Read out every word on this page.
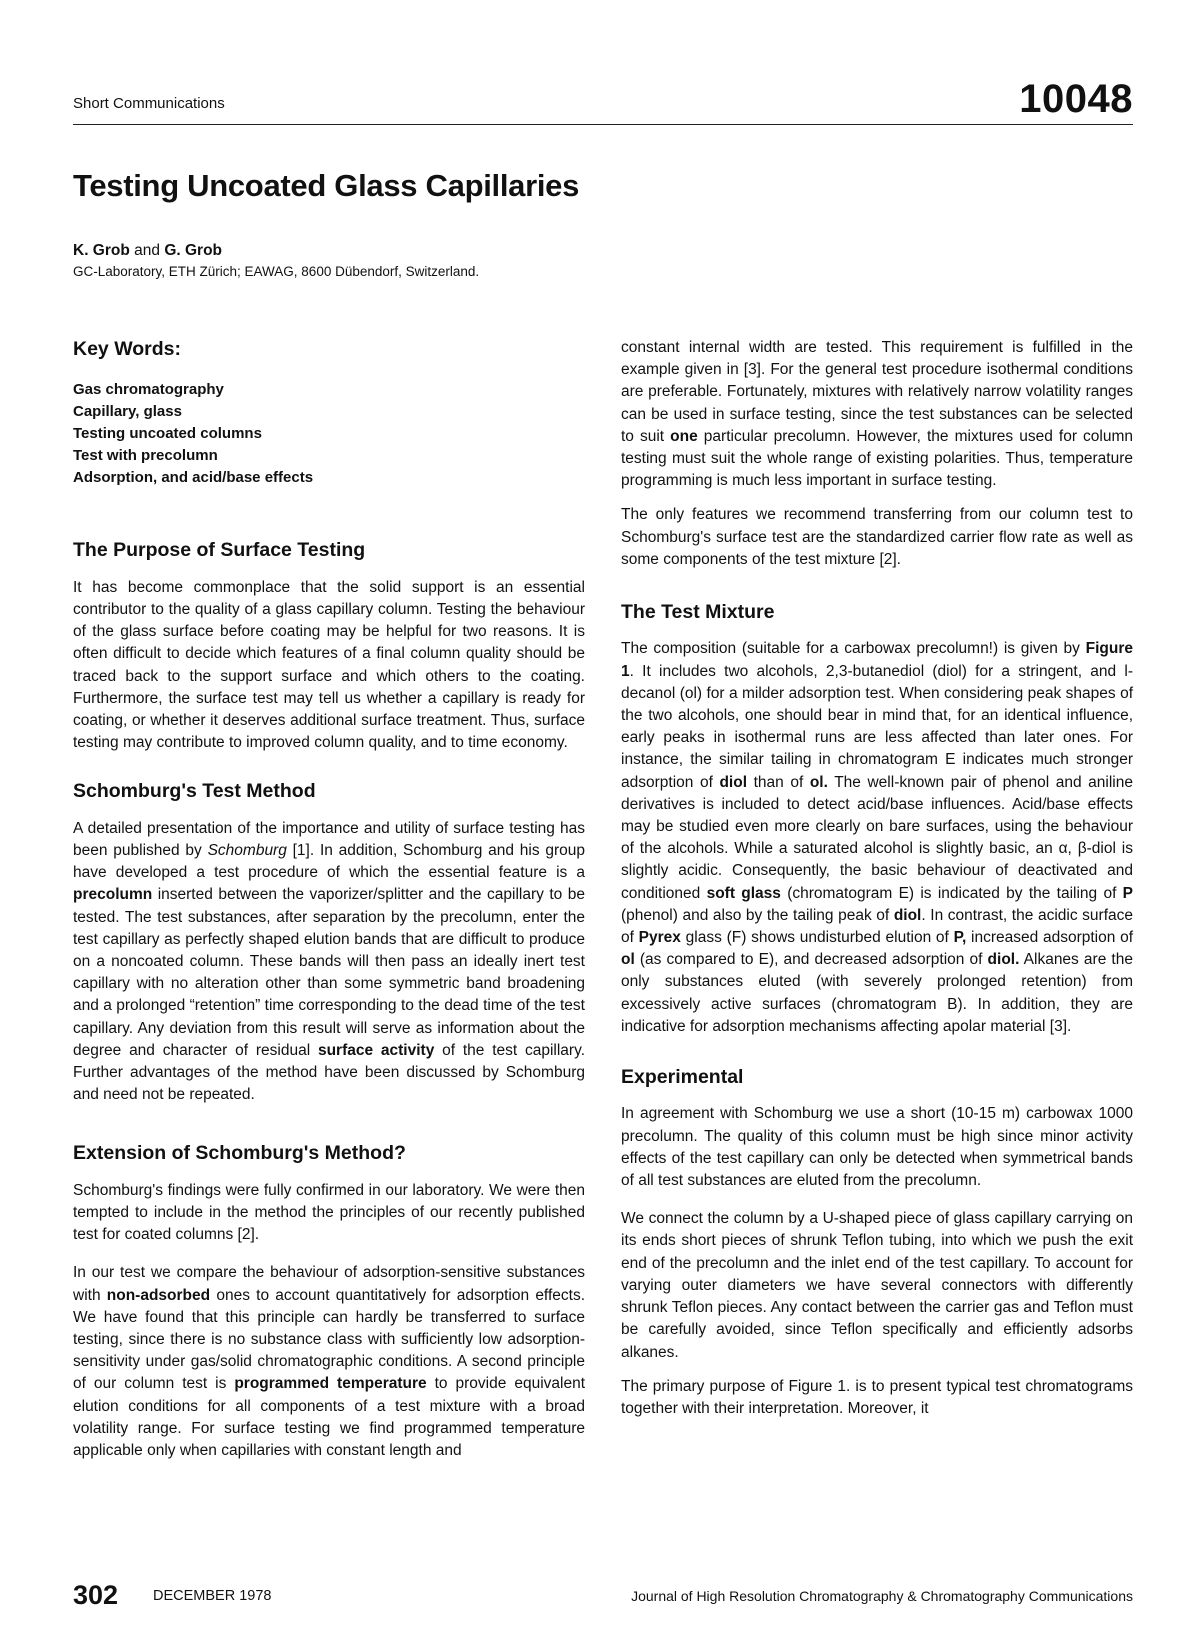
Short Communications	10048
Testing Uncoated Glass Capillaries
K. Grob and G. Grob
GC-Laboratory, ETH Zürich; EAWAG, 8600 Dübendorf, Switzerland.
Key Words:
Gas chromatography
Capillary, glass
Testing uncoated columns
Test with precolumn
Adsorption, and acid/base effects
The Purpose of Surface Testing

It has become commonplace that the solid support is an essential contributor to the quality of a glass capillary column. Testing the behaviour of the glass surface before coating may be helpful for two reasons. It is often difficult to decide which features of a final column quality should be traced back to the support surface and which others to the coating. Furthermore, the surface test may tell us whether a capillary is ready for coating, or whether it deserves additional surface treatment. Thus, surface testing may contribute to improved column quality, and to time economy.

Schomburg's Test Method

A detailed presentation of the importance and utility of surface testing has been published by Schomburg [1]. In addition, Schomburg and his group have developed a test procedure of which the essential feature is a precolumn inserted between the vaporizer/splitter and the capillary to be tested. The test substances, after separation by the precolumn, enter the test capillary as perfectly shaped elution bands that are difficult to produce on a noncoated column. These bands will then pass an ideally inert test capillary with no alteration other than some symmetric band broadening and a prolonged “retention” time corresponding to the dead time of the test capillary. Any deviation from this result will serve as information about the degree and character of residual surface activity of the test capillary. Further advantages of the method have been discussed by Schomburg and need not be repeated.

Extension of Schomburg's Method?

Schomburg's findings were fully confirmed in our laboratory. We were then tempted to include in the method the principles of our recently published test for coated columns [2].

In our test we compare the behaviour of adsorption-sensitive substances with non-adsorbed ones to account quantitatively for adsorption effects. We have found that this principle can hardly be transferred to surface testing, since there is no substance class with sufficiently low adsorption-sensitivity under gas/solid chromatographic conditions. A second principle of our column test is programmed temperature to provide equivalent elution conditions for all components of a test mixture with a broad volatility range. For surface testing we find programmed temperature applicable only when capillaries with constant length and

constant internal width are tested. This requirement is fulfilled in the example given in [3]. For the general test procedure isothermal conditions are preferable. Fortunately, mixtures with relatively narrow volatility ranges can be used in surface testing, since the test substances can be selected to suit one particular precolumn. However, the mixtures used for column testing must suit the whole range of existing polarities. Thus, temperature programming is much less important in surface testing.

The only features we recommend transferring from our column test to Schomburg's surface test are the standardized carrier flow rate as well as some components of the test mixture [2].

The Test Mixture

The composition (suitable for a carbowax precolumn!) is given by Figure 1. It includes two alcohols, 2,3-butanediol (diol) for a stringent, and l-decanol (ol) for a milder adsorption test. When considering peak shapes of the two alcohols, one should bear in mind that, for an identical influence, early peaks in isothermal runs are less affected than later ones. For instance, the similar tailing in chromatogram E indicates much stronger adsorption of diol than of ol. The well-known pair of phenol and aniline derivatives is included to detect acid/base influences. Acid/base effects may be studied even more clearly on bare surfaces, using the behaviour of the alcohols. While a saturated alcohol is slightly basic, an α, β-diol is slightly acidic. Consequently, the basic behaviour of deactivated and conditioned soft glass (chromatogram E) is indicated by the tailing of P (phenol) and also by the tailing peak of diol. In contrast, the acidic surface of Pyrex glass (F) shows undisturbed elution of P, increased adsorption of ol (as compared to E), and decreased adsorption of diol. Alkanes are the only substances eluted (with severely prolonged retention) from excessively active surfaces (chromatogram B). In addition, they are indicative for adsorption mechanisms affecting apolar material [3].

Experimental

In agreement with Schomburg we use a short (10-15 m) carbowax 1000 precolumn. The quality of this column must be high since minor activity effects of the test capillary can only be detected when symmetrical bands of all test substances are eluted from the precolumn.

We connect the column by a U-shaped piece of glass capillary carrying on its ends short pieces of shrunk Teflon tubing, into which we push the exit end of the precolumn and the inlet end of the test capillary. To account for varying outer diameters we have several connectors with differently shrunk Teflon pieces. Any contact between the carrier gas and Teflon must be carefully avoided, since Teflon specifically and efficiently adsorbs alkanes.

The primary purpose of Figure 1. is to present typical test chromatograms together with their interpretation. Moreover, it

302 DECEMBER 1978	Journal of High Resolution Chromatography & Chromatography Communications
